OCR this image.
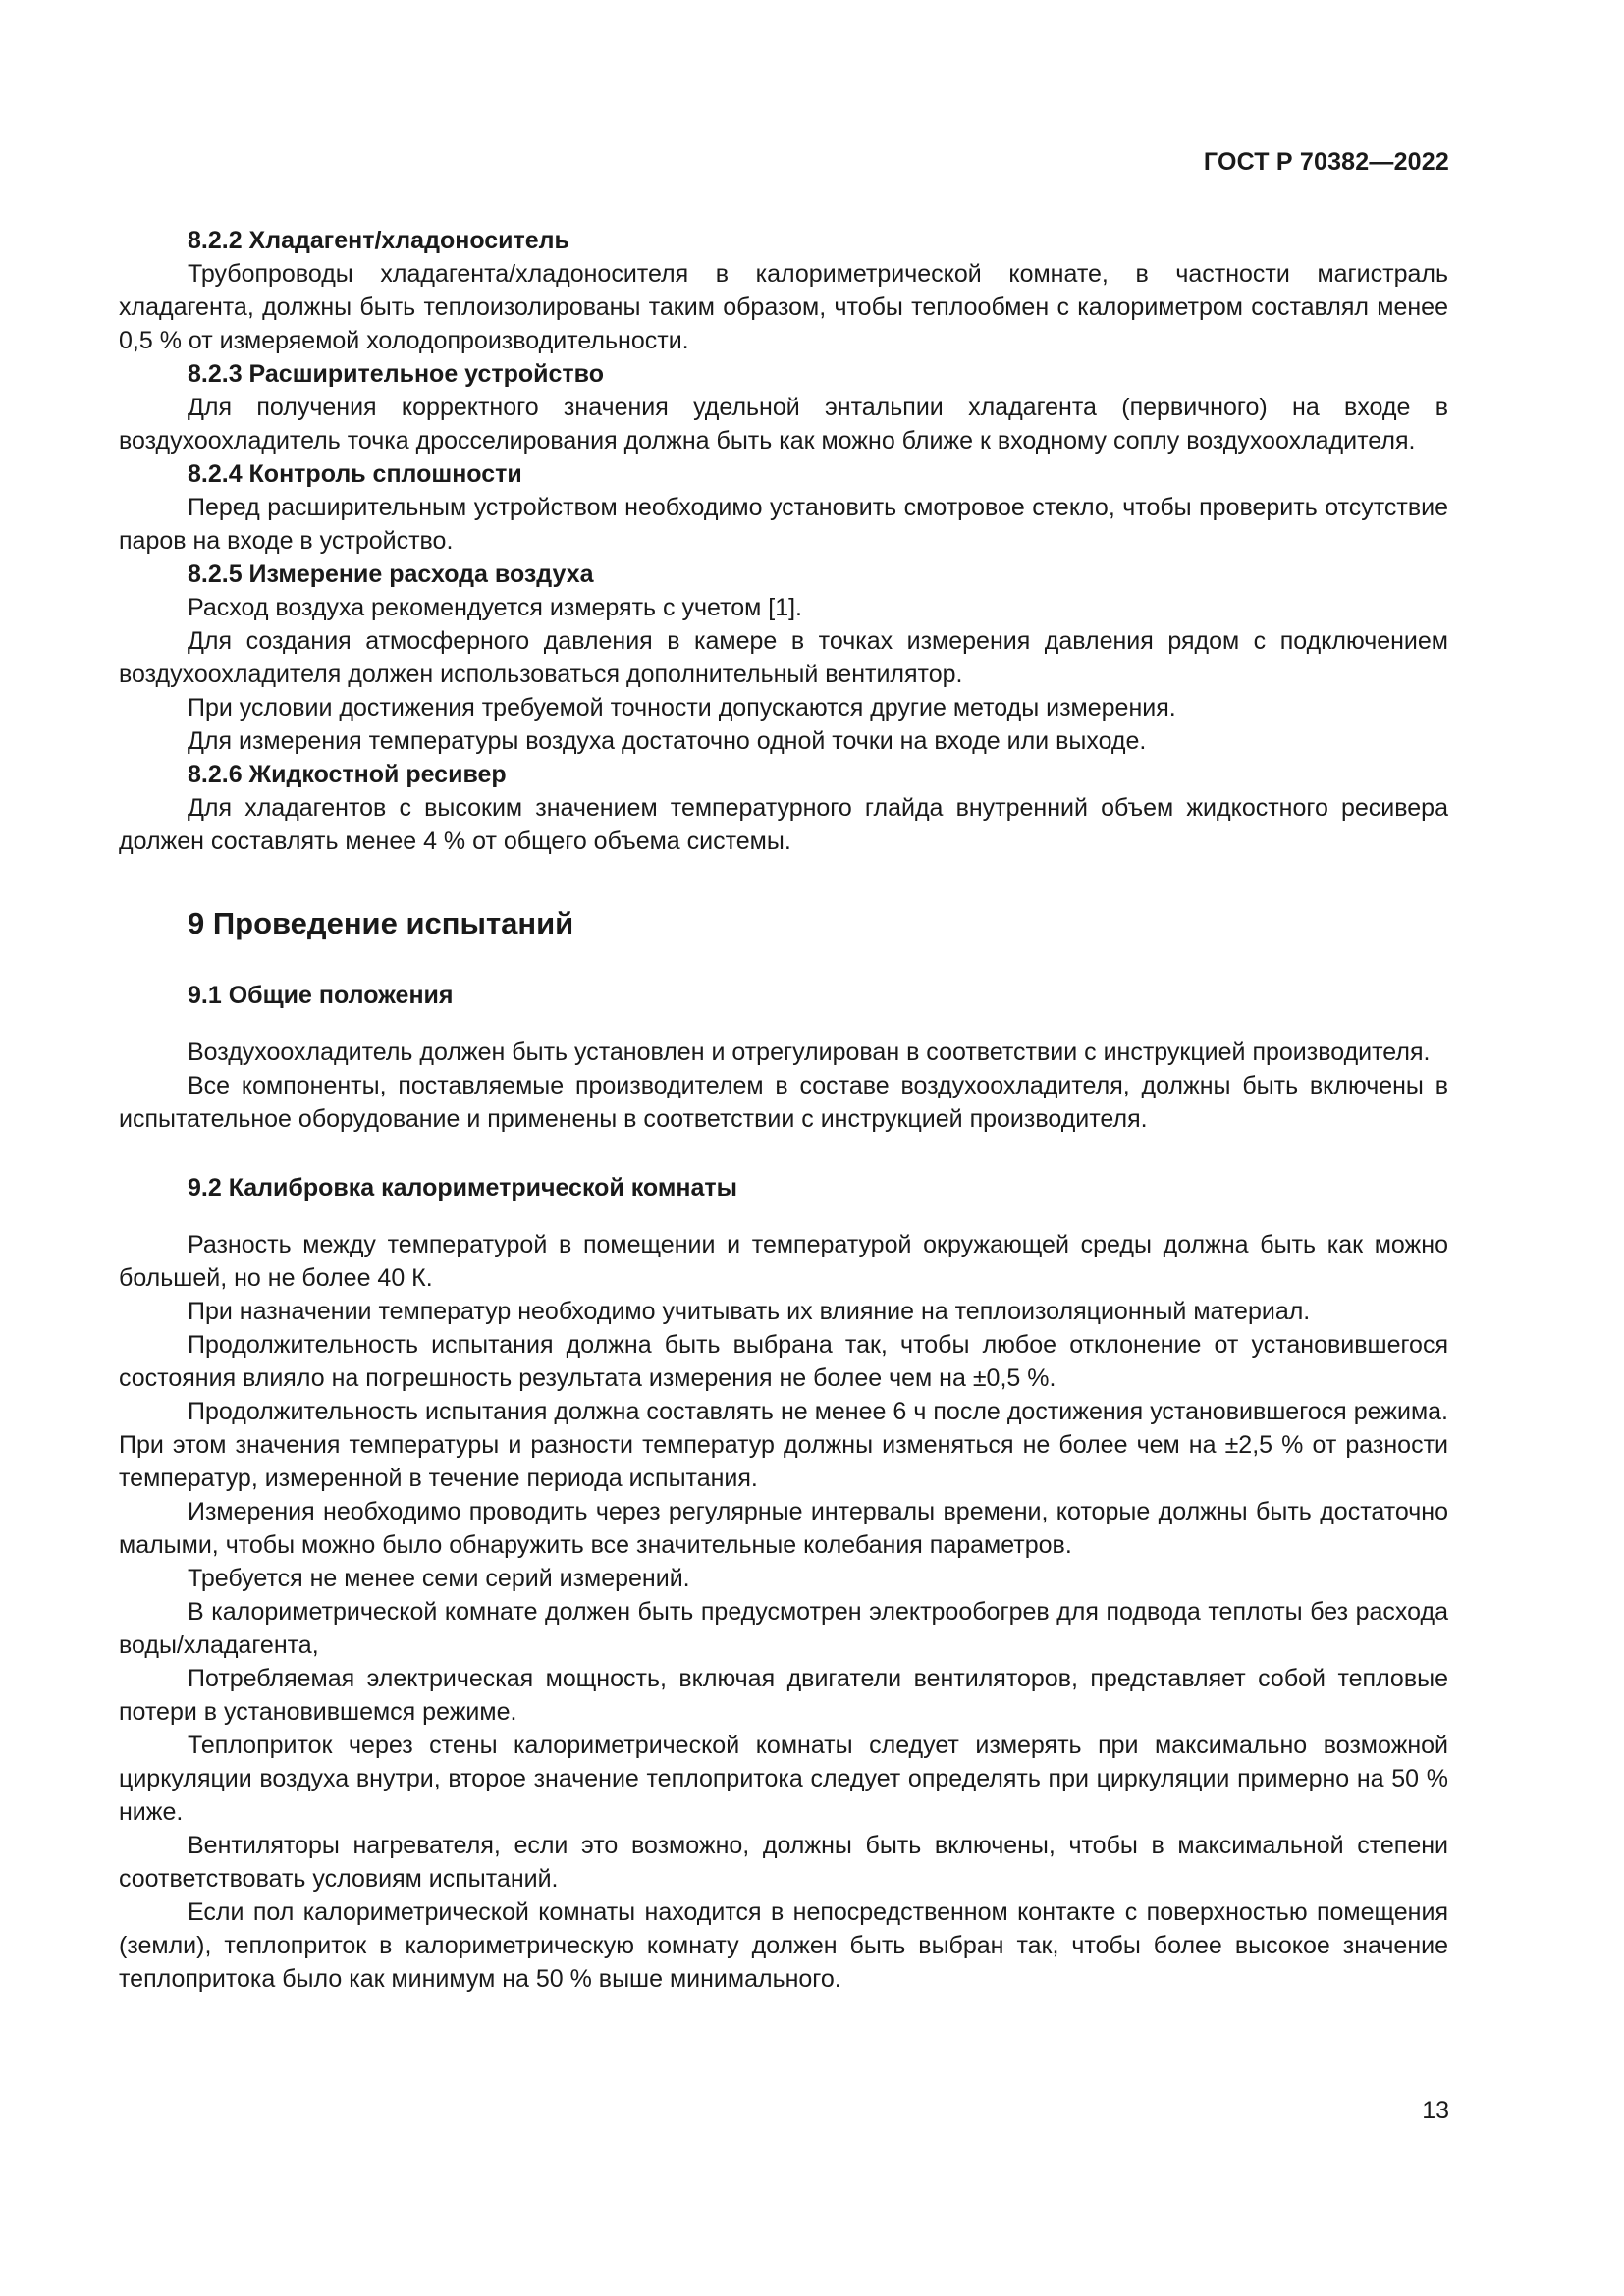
ГОСТ Р 70382—2022
8.2.2 Хладагент/хладоноситель
Трубопроводы хладагента/хладоносителя в калориметрической комнате, в частности магистраль хладагента, должны быть теплоизолированы таким образом, чтобы теплообмен с калориметром составлял менее 0,5 % от измеряемой холодопроизводительности.
8.2.3 Расширительное устройство
Для получения корректного значения удельной энтальпии хладагента (первичного) на входе в воздухоохладитель точка дросселирования должна быть как можно ближе к входному соплу воздухоохладителя.
8.2.4 Контроль сплошности
Перед расширительным устройством необходимо установить смотровое стекло, чтобы проверить отсутствие паров на входе в устройство.
8.2.5 Измерение расхода воздуха
Расход воздуха рекомендуется измерять с учетом [1].
Для создания атмосферного давления в камере в точках измерения давления рядом с подключением воздухоохладителя должен использоваться дополнительный вентилятор.
При условии достижения требуемой точности допускаются другие методы измерения.
Для измерения температуры воздуха достаточно одной точки на входе или выходе.
8.2.6 Жидкостной ресивер
Для хладагентов с высоким значением температурного глайда внутренний объем жидкостного ресивера должен составлять менее 4 % от общего объема системы.
9 Проведение испытаний
9.1 Общие положения
Воздухоохладитель должен быть установлен и отрегулирован в соответствии с инструкцией производителя.
Все компоненты, поставляемые производителем в составе воздухоохладителя, должны быть включены в испытательное оборудование и применены в соответствии с инструкцией производителя.
9.2 Калибровка калориметрической комнаты
Разность между температурой в помещении и температурой окружающей среды должна быть как можно большей, но не более 40 К.
При назначении температур необходимо учитывать их влияние на теплоизоляционный материал.
Продолжительность испытания должна быть выбрана так, чтобы любое отклонение от установившегося состояния влияло на погрешность результата измерения не более чем на ±0,5 %.
Продолжительность испытания должна составлять не менее 6 ч после достижения установившегося режима. При этом значения температуры и разности температур должны изменяться не более чем на ±2,5 % от разности температур, измеренной в течение периода испытания.
Измерения необходимо проводить через регулярные интервалы времени, которые должны быть достаточно малыми, чтобы можно было обнаружить все значительные колебания параметров.
Требуется не менее семи серий измерений.
В калориметрической комнате должен быть предусмотрен электрообогрев для подвода теплоты без расхода воды/хладагента,
Потребляемая электрическая мощность, включая двигатели вентиляторов, представляет собой тепловые потери в установившемся режиме.
Теплоприток через стены калориметрической комнаты следует измерять при максимально возможной циркуляции воздуха внутри, второе значение теплопритока следует определять при циркуляции примерно на 50 % ниже.
Вентиляторы нагревателя, если это возможно, должны быть включены, чтобы в максимальной степени соответствовать условиям испытаний.
Если пол калориметрической комнаты находится в непосредственном контакте с поверхностью помещения (земли), теплоприток в калориметрическую комнату должен быть выбран так, чтобы более высокое значение теплопритока было как минимум на 50 % выше минимального.
13
